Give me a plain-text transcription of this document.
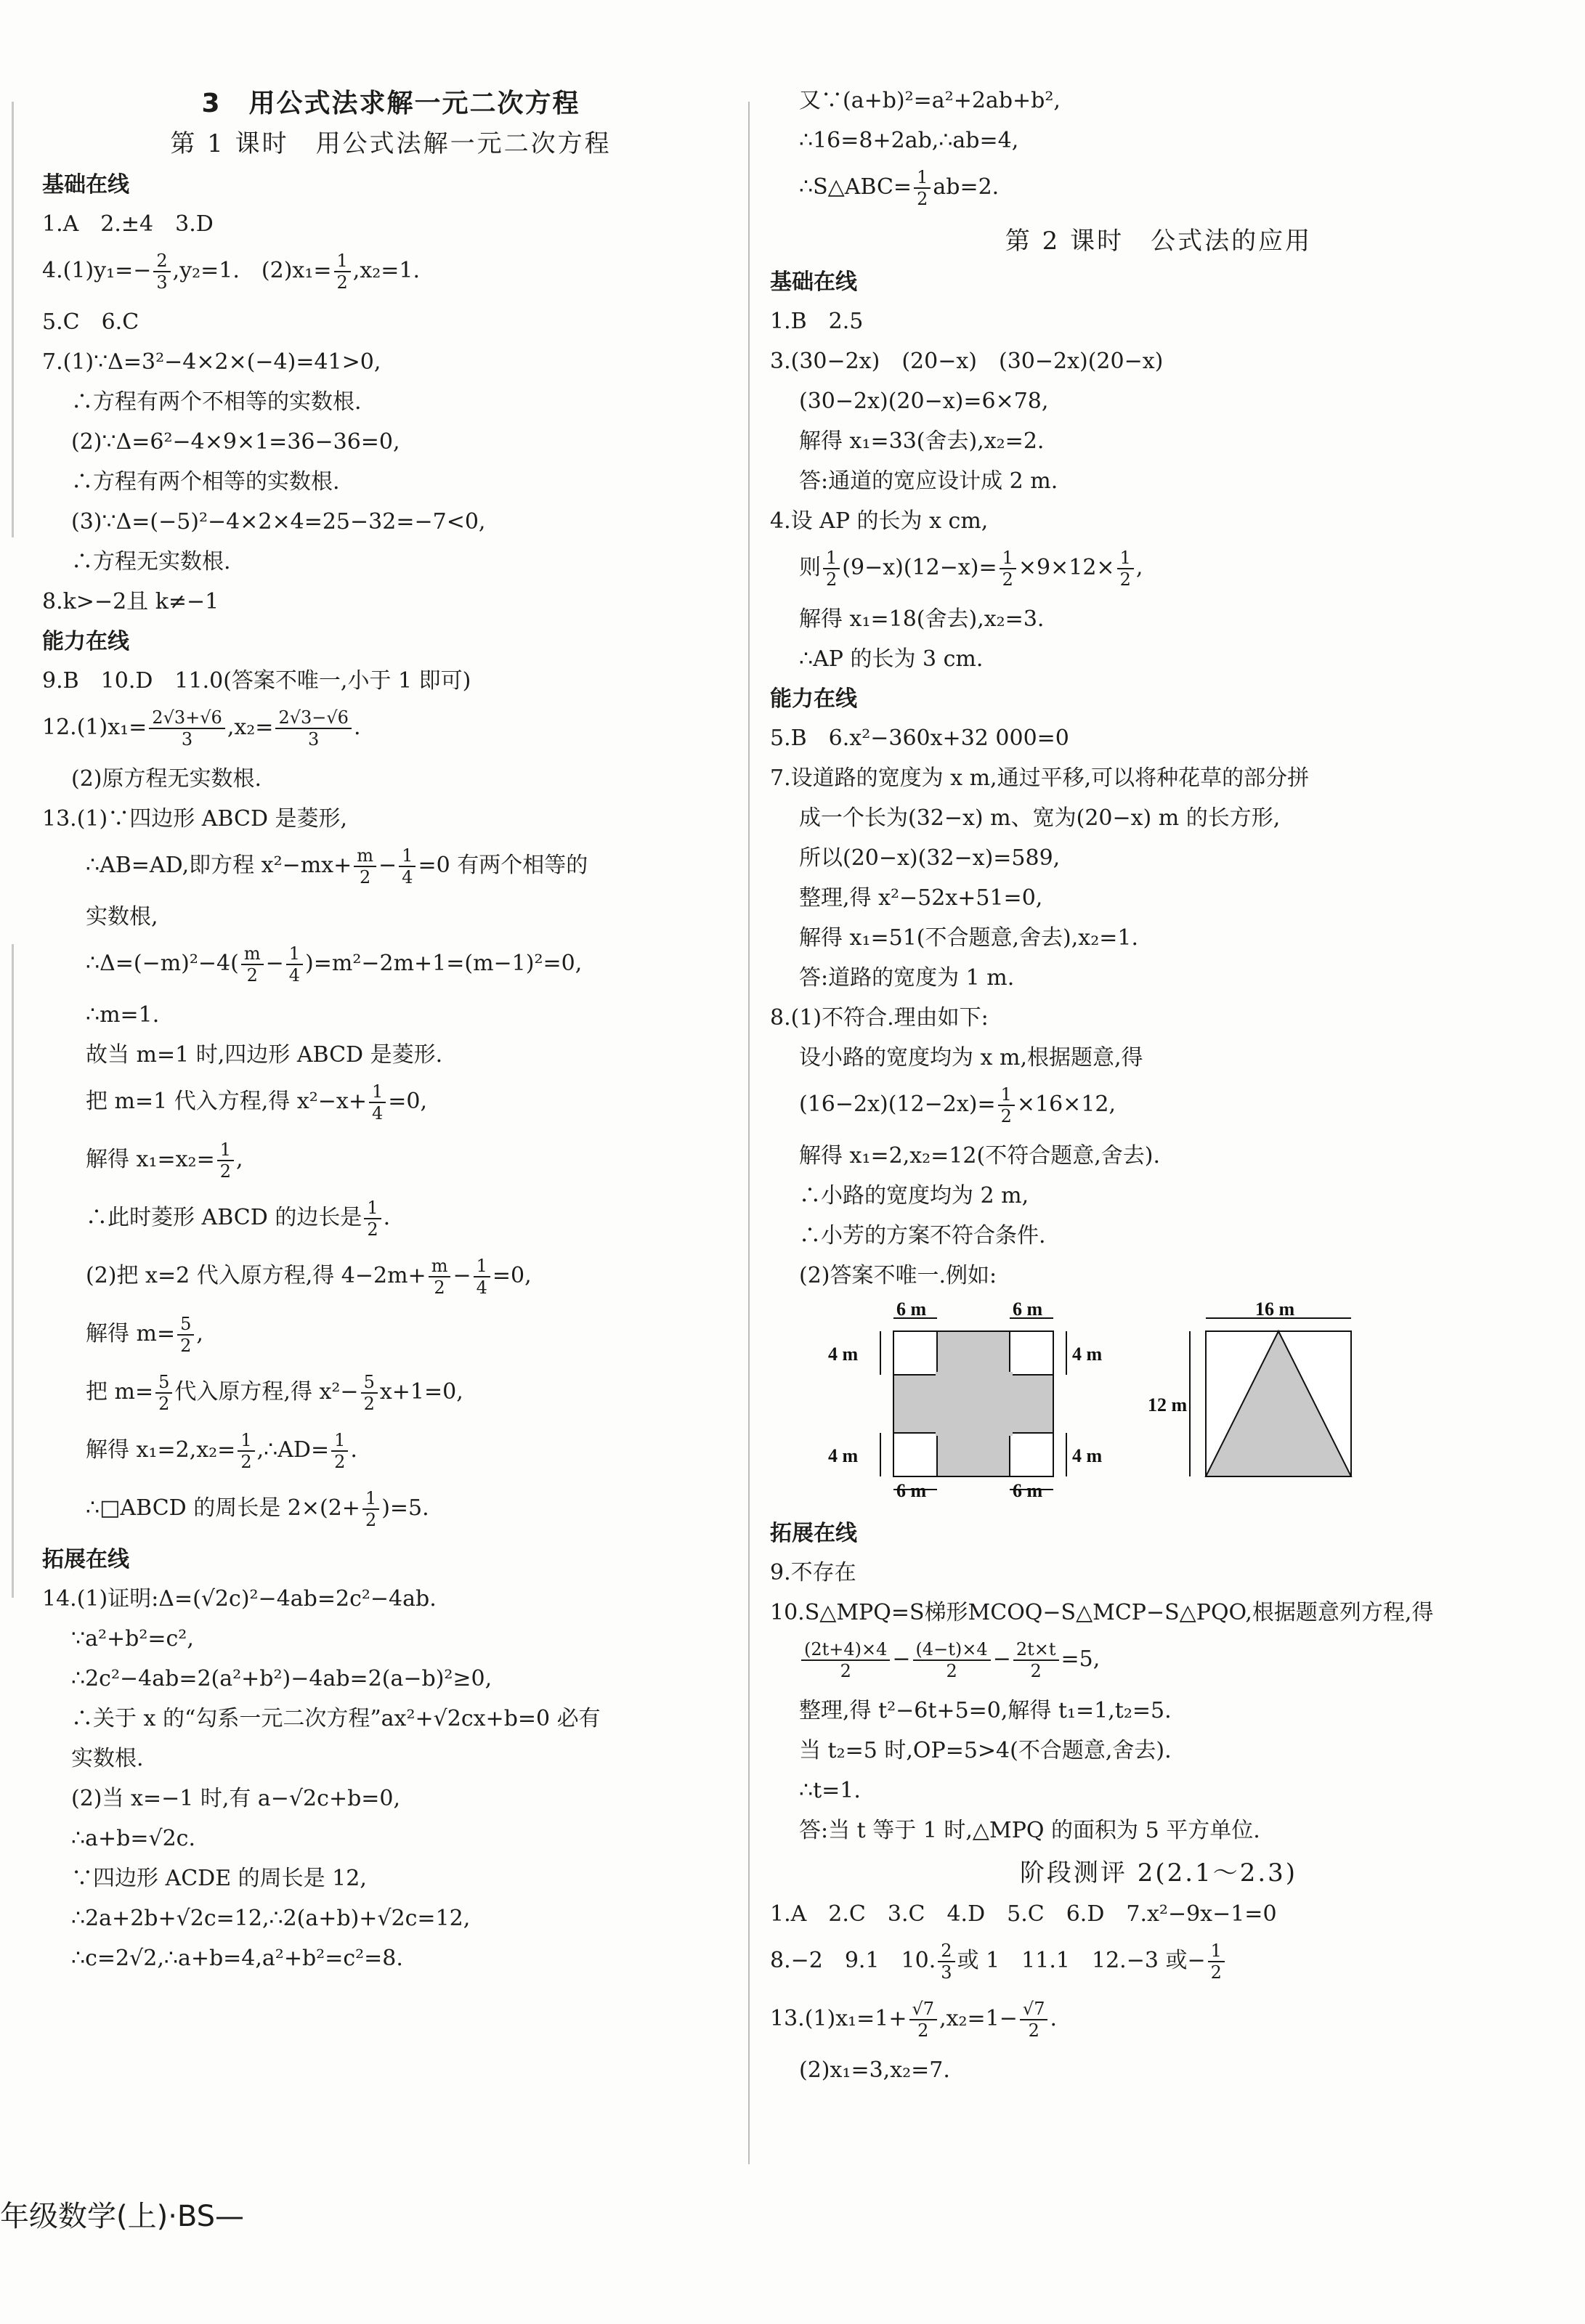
3　用公式法求解一元二次方程
第 1 课时　用公式法解一元二次方程
基础在线
1.A　2.±4　3.D
$4.(1)y_1=- \frac{2}{3} ,y_2=1$.　$(2)x_1= \frac{1}{2} ,x_2=1$.
5.C　6.C
7.(1)∵Δ=3²−4×2×(−4)=41>0,
∴方程有两个不相等的实数根.
(2)∵Δ=6²−4×9×1=36−36=0,
∴方程有两个相等的实数根.
(3)∵Δ=(−5)²−4×2×4=25−32=−7<0,
∴方程无实数根.
8.k>−2且 k≠−1
能力在线
9.B　10.D　11.0(答案不唯一,小于 1 即可)
$12.(1)x_1= \frac{2√3+√6}{3} ,x_2= \frac{2√3-√6}{3}$ .
(2)原方程无实数根.
13.(1)∵四边形 ABCD 是菱形,
∴AB=AD,即方程 $x^2-mx+ \frac{m}{2} - \frac{1}{4} =0$ 有两个相等的
实数根,
∴Δ=(−m)²−4( $\frac{m}{2} - \frac{1}{4} )=m^2-2m+1=(m-1)^2=0$,
∴m=1.
故当 m=1 时,四边形 ABCD 是菱形.
把 m=1 代入方程,得 $x^2-x+ \frac{1}{4} =0$,
解得 $x_1=x_2= \frac{1}{2}$ ,
∴此时菱形 ABCD 的边长是 $\frac{1}{2}$ .
(2)把 x=2 代入原方程,得 $4-2m+ \frac{m}{2} - \frac{1}{4} =0$,
解得 $m= \frac{5}{2}$ ,
把 $m= \frac{5}{2}$ 代入原方程,得 $x^2- \frac{5}{2} x+1=0$,
解得 $x_1=2,x_2= \frac{1}{2}$ ,∴AD= $\frac{1}{2}$ .
∴□ABCD 的周长是 $2\times(2+ \frac{1}{2} )=5$.
拓展在线
14.(1)证明:Δ=(√2c)²−4ab=2c²−4ab.
∵a²+b²=c²,
∴2c²−4ab=2(a²+b²)−4ab=2(a−b)²≥0,
∴关于 x 的“勾系一元二次方程”ax²+√2cx+b=0 必有
实数根.
(2)当 x=−1 时,有 a−√2c+b=0,
∴a+b=√2c.
∵四边形 ACDE 的周长是 12,
∴2a+2b+√2c=12,∴2(a+b)+√2c=12,
∴c=2√2,∴a+b=4,a²+b²=c²=8.
又∵(a+b)²=a²+2ab+b²,
∴16=8+2ab,∴ab=4,
∴S△ABC= $\frac{1}{2} ab=2$.
第 2 课时　公式法的应用
基础在线
1.B　2.5
3.(30−2x)　(20−x)　(30−2x)(20−x)
(30−2x)(20−x)=6×78,
解得 x₁=33(舍去),x₂=2.
答:通道的宽应设计成 2 m.
4.设 AP 的长为 x cm,
则 $\frac{1}{2} (9-x)(12-x)= \frac{1}{2} \times 9\times 12\times \frac{1}{2}$ ,
解得 x₁=18(舍去),x₂=3.
∴AP 的长为 3 cm.
能力在线
5.B　6.x²−360x+32 000=0
7.设道路的宽度为 x m,通过平移,可以将种花草的部分拼
成一个长为(32−x) m、宽为(20−x) m 的长方形,
所以(20−x)(32−x)=589,
整理,得 x²−52x+51=0,
解得 x₁=51(不合题意,舍去),x₂=1.
答:道路的宽度为 1 m.
8.(1)不符合.理由如下:
设小路的宽度均为 x m,根据题意,得
$(16-2x)(12-2x)= \frac{1}{2} \times 16\times 12$,
解得 x₁=2,x₂=12(不符合题意,舍去).
∴小路的宽度均为 2 m,
∴小芳的方案不符合条件.
(2)答案不唯一.例如:
6 m	6 m
6 m	6 m
4 m
4 m
4 m
4 m
16 m
12 m
拓展在线
9.不存在
10.S△MPQ=S梯形MCOQ−S△MCP−S△PQO,根据题意列方程,得
$\frac{(2t+4)\times 4}{2} - \frac{(4-t)\times 4}{2} - \frac{2t\times t}{2} =5$,
整理,得 t²−6t+5=0,解得 t₁=1,t₂=5.
当 t₂=5 时,OP=5>4(不合题意,舍去).
∴t=1.
答:当 t 等于 1 时,△MPQ 的面积为 5 平方单位.
阶段测评 2(2.1～2.3)
1.A　2.C　3.C　4.D　5.C　6.D　7.x²−9x−1=0
8.−2　9.1　10. $\frac{2}{3}$ 或 1　11.1　12.−3 或− $\frac{1}{2}$
$13.(1)x_1=1+ \frac{√7}{2} ,x_2=1- \frac{√7}{2}$ .
(2)x₁=3,x₂=7.
年级数学(上)·BS—
